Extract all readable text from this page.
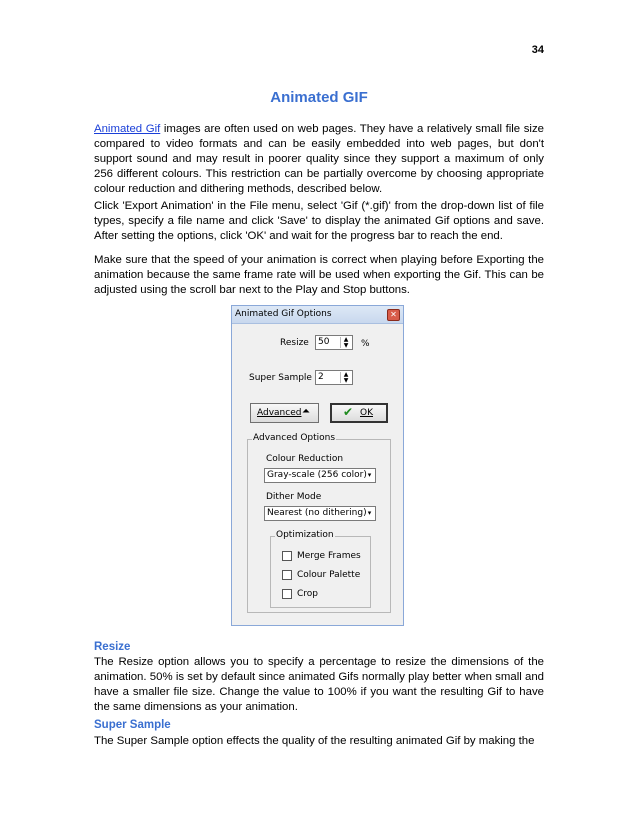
34
Animated GIF
Animated Gif images are often used on web pages. They have a relatively small file size compared to video formats and can be easily embedded into web pages, but don't support sound and may result in poorer quality since they support a maximum of only 256 different colours. This restriction can be partially overcome by choosing appropriate colour reduction and dithering methods, described below.
Click 'Export Animation' in the File menu, select 'Gif (*.gif)' from the drop-down list of file types, specify a file name and click 'Save' to display the animated Gif options and save. After setting the options, click 'OK' and wait for the progress bar to reach the end.
Make sure that the speed of your animation is correct when playing before Exporting the animation because the same frame rate will be used when exporting the Gif. This can be adjusted using the scroll bar next to the Play and Stop buttons.
Animated Gif Options	✕
Resize 50	▲
▼ %
Super Sample 2	▲
▼
Advanced ⏶	✔ OK
Advanced Options
Colour Reduction
Gray-scale (256 color) ▾
Dither Mode
Nearest (no dithering) ▾
Optimization
Merge Frames
Colour Palette
Crop
Resize
The Resize option allows you to specify a percentage to resize the dimensions of the animation. 50% is set by default since animated Gifs normally play better when small and have a smaller file size. Change the value to 100% if you want the resulting Gif to have the same dimensions as your animation.
Super Sample
The Super Sample option effects the quality of the resulting animated Gif by making the
